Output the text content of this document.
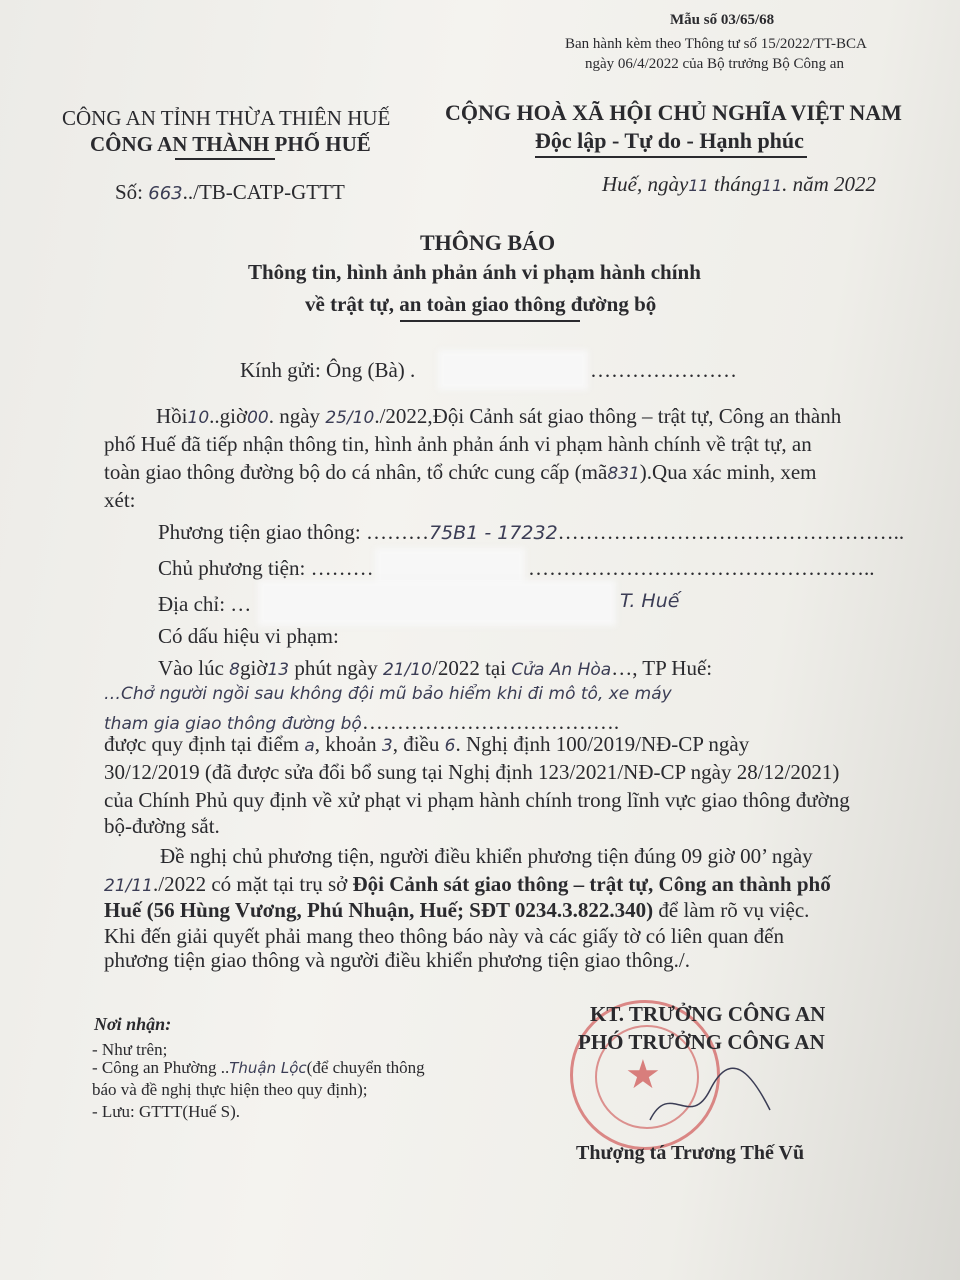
Mẫu số 03/65/68
Ban hành kèm theo Thông tư số 15/2022/TT-BCA
ngày 06/4/2022 của Bộ trưởng Bộ Công an
CÔNG AN TỈNH THỪA THIÊN HUẾ
CÔNG AN THÀNH PHỐ HUẾ
Số: 663../TB-CATP-GTTT
CỘNG HOÀ XÃ HỘI CHỦ NGHĨA VIỆT NAM
Độc lập - Tự do - Hạnh phúc
Huế, ngày11 tháng11. năm 2022
THÔNG BÁO
Thông tin, hình ảnh phản ánh vi phạm hành chính
về trật tự, an toàn giao thông đường bộ
Kính gửi: Ông (Bà) .	…………………
Hồi10..giờ00. ngày 25/10./2022,Đội Cảnh sát giao thông – trật tự, Công an thành
phố Huế đã tiếp nhận thông tin, hình ảnh phản ánh vi phạm hành chính về trật tự, an
toàn giao thông đường bộ do cá nhân, tổ chức cung cấp (mã831).Qua xác minh, xem
xét:
Phương tiện giao thông: ………75B1 - 17232…………………………………………..
Chủ phương tiện: ………	…………………………………………..
Địa chỉ: …	T. Huế
Có dấu hiệu vi phạm:
Vào lúc 8giờ13 phút ngày 21/10/2022 tại Cửa An Hòa…, TP Huế:
…Chở người ngồi sau không đội mũ bảo hiểm khi đi mô tô, xe máy
tham gia giao thông đường bộ……………………………….
được quy định tại điểm a, khoản 3, điều 6. Nghị định 100/2019/NĐ-CP ngày
30/12/2019 (đã được sửa đổi bổ sung tại Nghị định 123/2021/NĐ-CP ngày 28/12/2021)
của Chính Phủ quy định về xử phạt vi phạm hành chính trong lĩnh vực giao thông đường
bộ-đường sắt.
Đề nghị chủ phương tiện, người điều khiển phương tiện đúng 09 giờ 00’ ngày
21/11./2022 có mặt tại trụ sở Đội Cảnh sát giao thông – trật tự, Công an thành phố
Huế (56 Hùng Vương, Phú Nhuận, Huế; SĐT 0234.3.822.340) để làm rõ vụ việc.
Khi đến giải quyết phải mang theo thông báo này và các giấy tờ có liên quan đến
phương tiện giao thông và người điều khiển phương tiện giao thông./.
Nơi nhận:
- Như trên;
- Công an Phường ..Thuận Lộc(để chuyển thông
báo và đề nghị thực hiện theo quy định);
- Lưu: GTTT(Huế S).
★
KT. TRƯỞNG CÔNG AN
PHÓ TRƯỞNG CÔNG AN
Thượng tá Trương Thế Vũ
